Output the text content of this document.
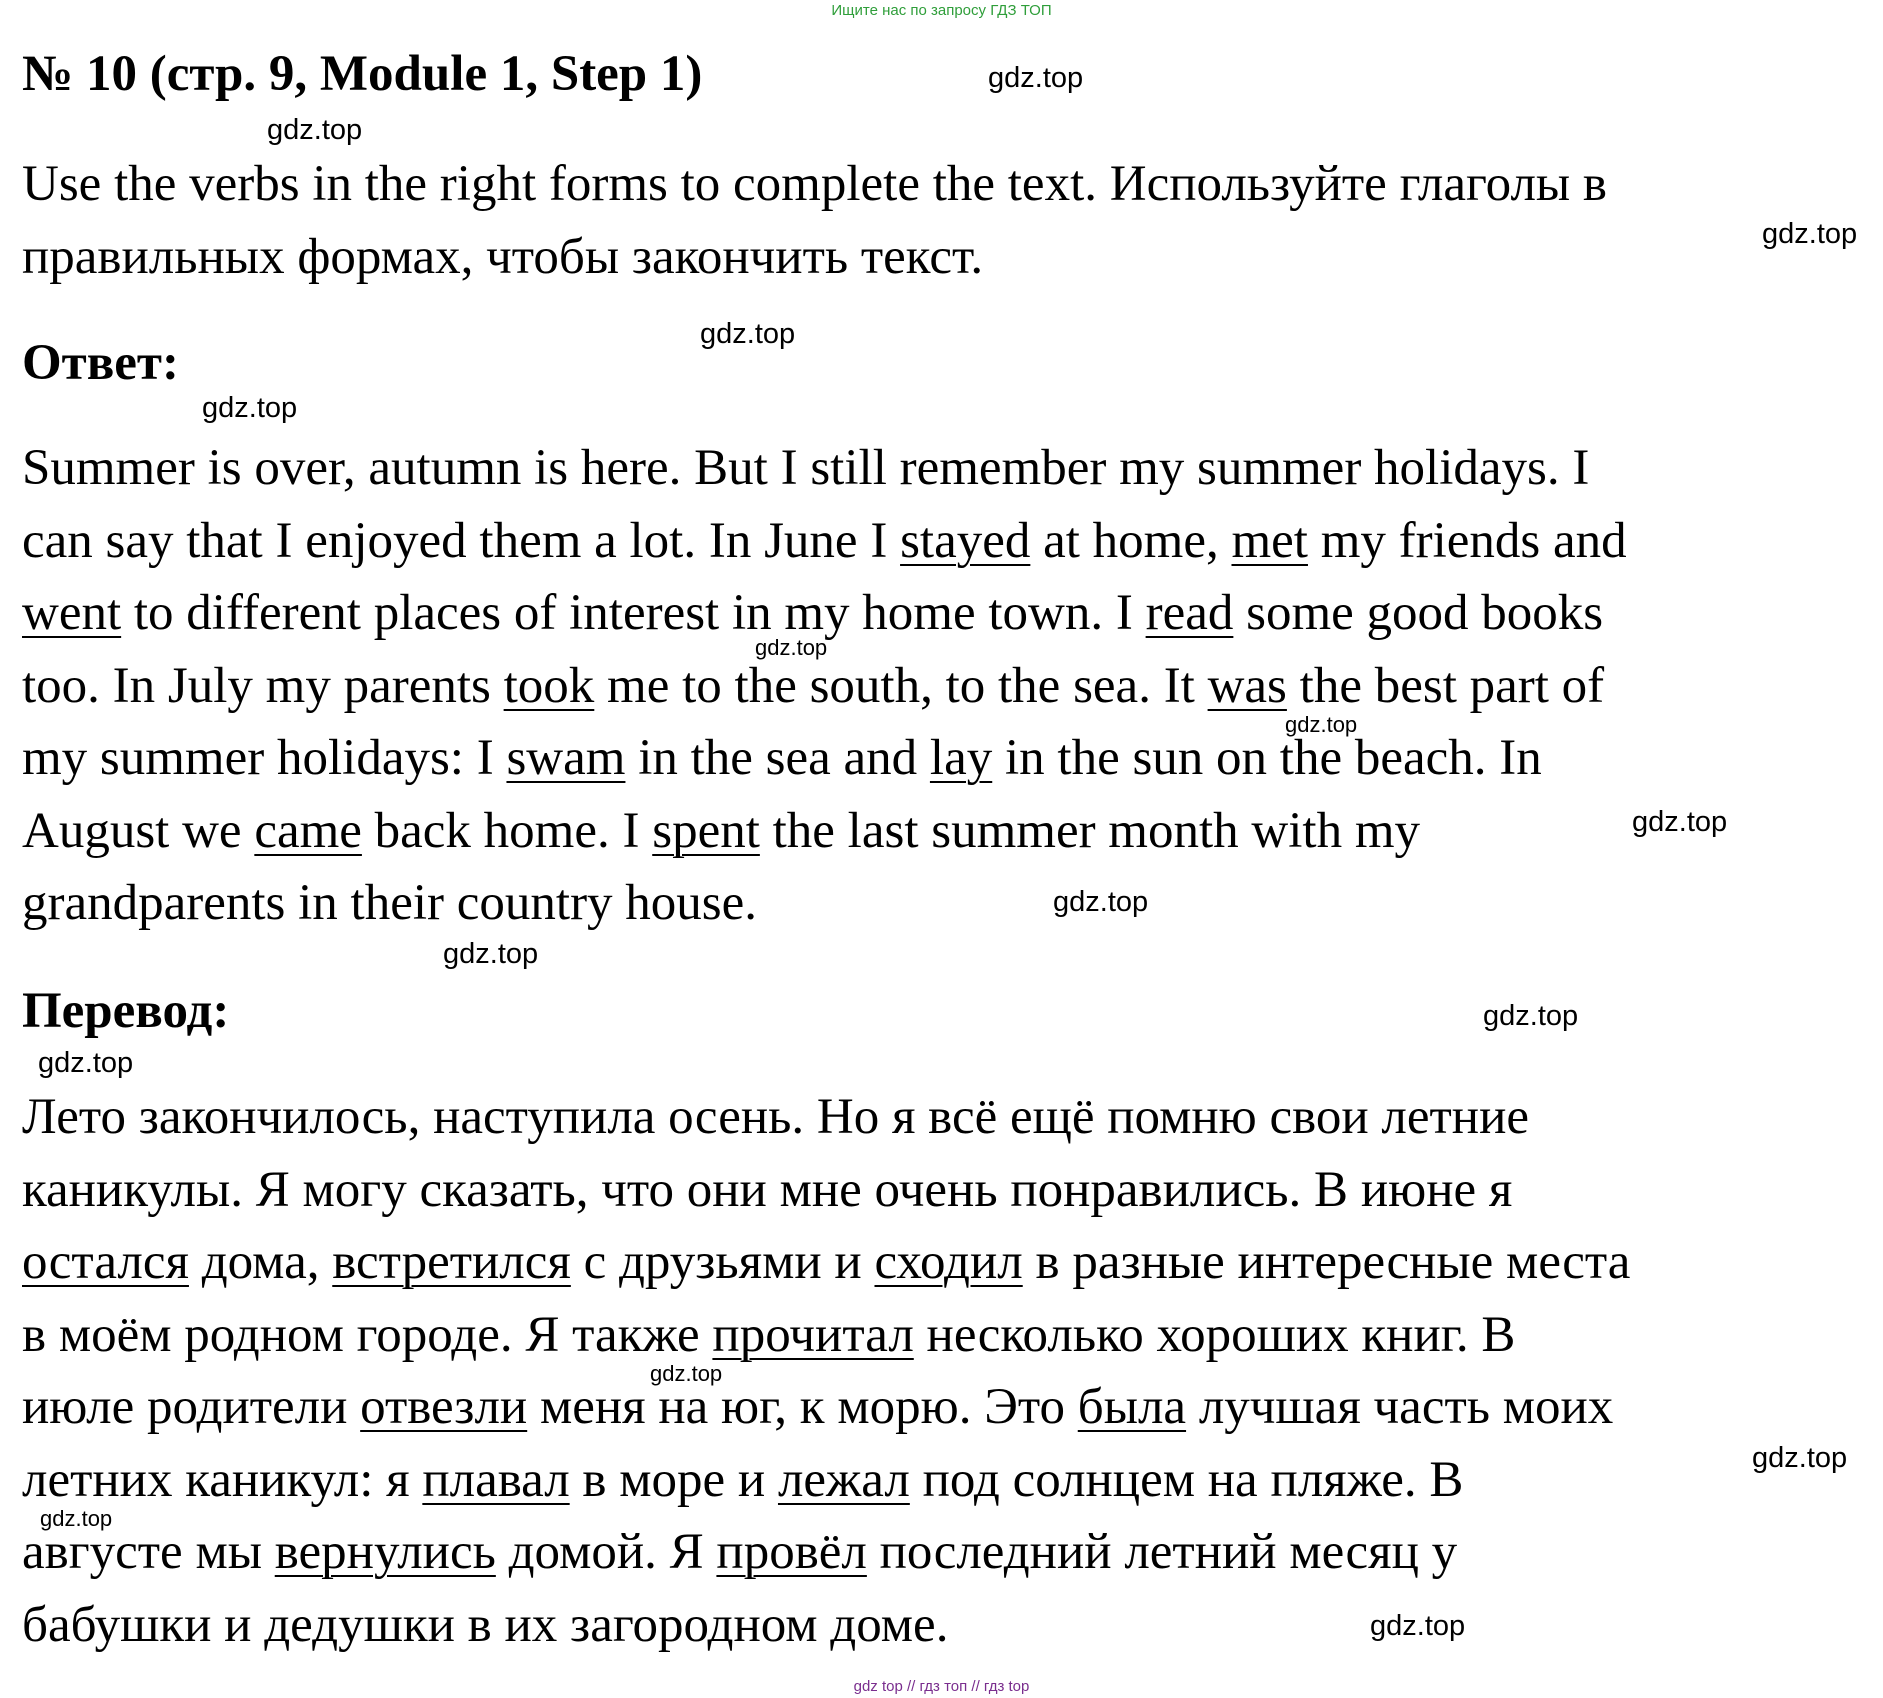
Ищите нас по запросу ГДЗ ТОП
№ 10 (стр. 9, Module 1, Step 1)

Use the verbs in the right forms to complete the text. Используйте глаголы в
правильных формах, чтобы закончить текст.

Ответ:

Summer is over, autumn is here. But I still remember my summer holidays. I
can say that I enjoyed them a lot. In June I stayed at home, met my friends and
went to different places of interest in my home town. I read some good books
too. In July my parents took me to the south, to the sea. It was the best part of
my summer holidays: I swam in the sea and lay in the sun on the beach. In
August we came back home. I spent the last summer month with my
grandparents in their country house.

Перевод:

Лето закончилось, наступила осень. Но я всё ещё помню свои летние
каникулы. Я могу сказать, что они мне очень понравились. В июне я
остался дома, встретился с друзьями и сходил в разные интересные места
в моём родном городе. Я также прочитал несколько хороших книг. В
июле родители отвезли меня на юг, к морю. Это была лучшая часть моих
летних каникул: я плавал в море и лежал под солнцем на пляже. В
августе мы вернулись домой. Я провёл последний летний месяц у
бабушки и дедушки в их загородном доме.

gdz.top
gdz.top
gdz.top
gdz.top
gdz.top
gdz.top
gdz.top
gdz.top
gdz.top
gdz.top
gdz.top
gdz.top
gdz.top
gdz.top
gdz.top
gdz.top
gdz top // гдз топ // гдз top
